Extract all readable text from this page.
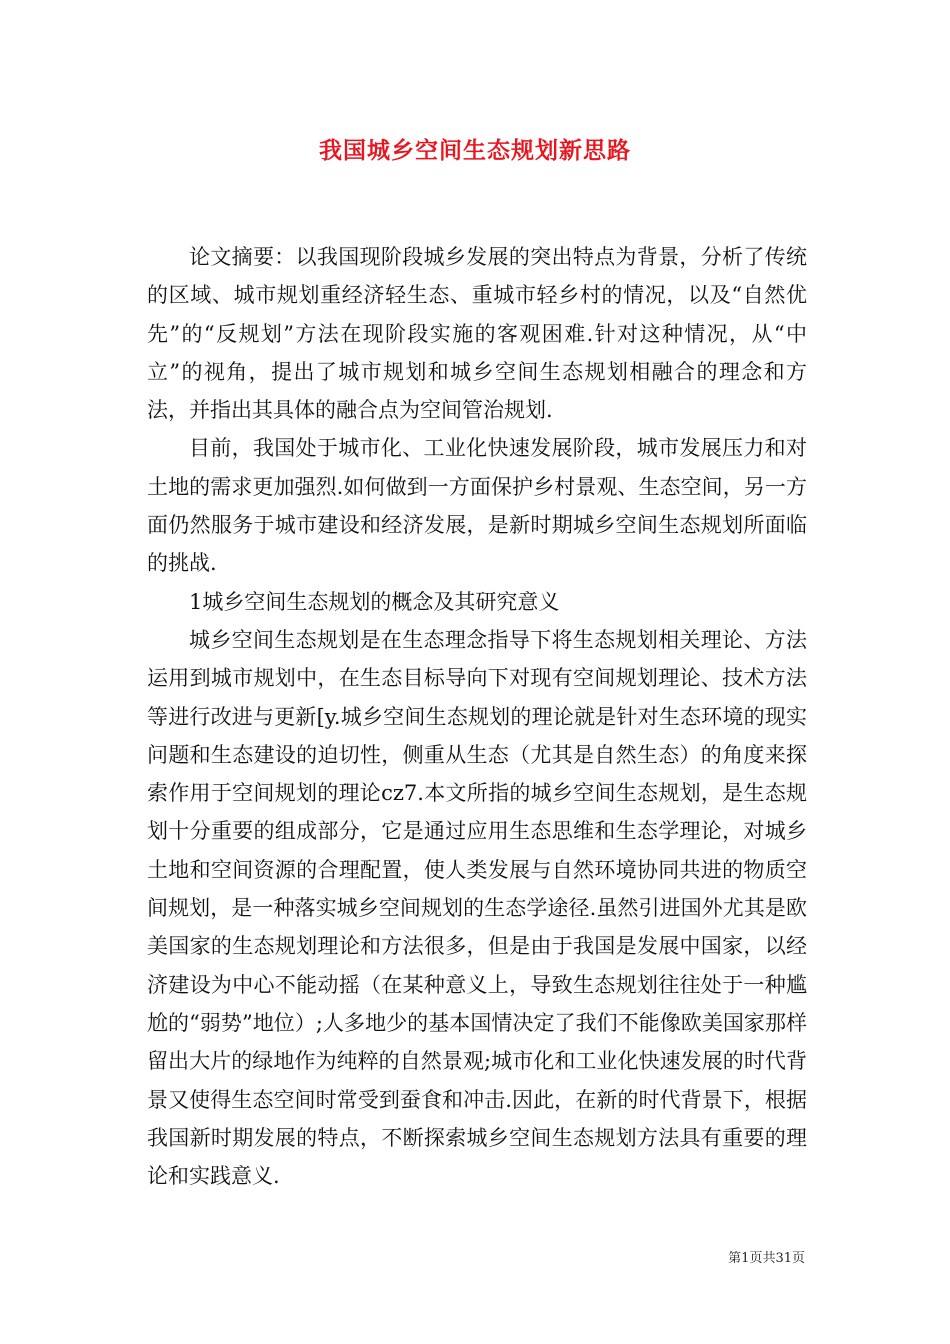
我国城乡空间生态规划新思路

论文摘要：以我国现阶段城乡发展的突出特点为背景，分析了传统的区域、城市规划重经济轻生态、重城市轻乡村的情况，以及“自然优先”的“反规划”方法在现阶段实施的客观困难.针对这种情况，从“中立”的视角，提出了城市规划和城乡空间生态规划相融合的理念和方法，并指出其具体的融合点为空间管治规划.

目前，我国处于城市化、工业化快速发展阶段，城市发展压力和对土地的需求更加强烈.如何做到一方面保护乡村景观、生态空间，另一方面仍然服务于城市建设和经济发展，是新时期城乡空间生态规划所面临的挑战.

1城乡空间生态规划的概念及其研究意义

城乡空间生态规划是在生态理念指导下将生态规划相关理论、方法运用到城市规划中，在生态目标导向下对现有空间规划理论、技术方法等进行改进与更新[y.城乡空间生态规划的理论就是针对生态环境的现实问题和生态建设的迫切性，侧重从生态（尤其是自然生态）的角度来探索作用于空间规划的理论cz7.本文所指的城乡空间生态规划，是生态规划十分重要的组成部分，它是通过应用生态思维和生态学理论，对城乡土地和空间资源的合理配置，使人类发展与自然环境协同共进的物质空间规划，是一种落实城乡空间规划的生态学途径.虽然引进国外尤其是欧美国家的生态规划理论和方法很多，但是由于我国是发展中国家，以经济建设为中心不能动摇（在某种意义上，导致生态规划往往处于一种尴尬的“弱势”地位）;人多地少的基本国情决定了我们不能像欧美国家那样留出大片的绿地作为纯粹的自然景观;城市化和工业化快速发展的时代背景又使得生态空间时常受到蚕食和冲击.因此，在新的时代背景下，根据我国新时期发展的特点，不断探索城乡空间生态规划方法具有重要的理论和实践意义.

第1页共31页
